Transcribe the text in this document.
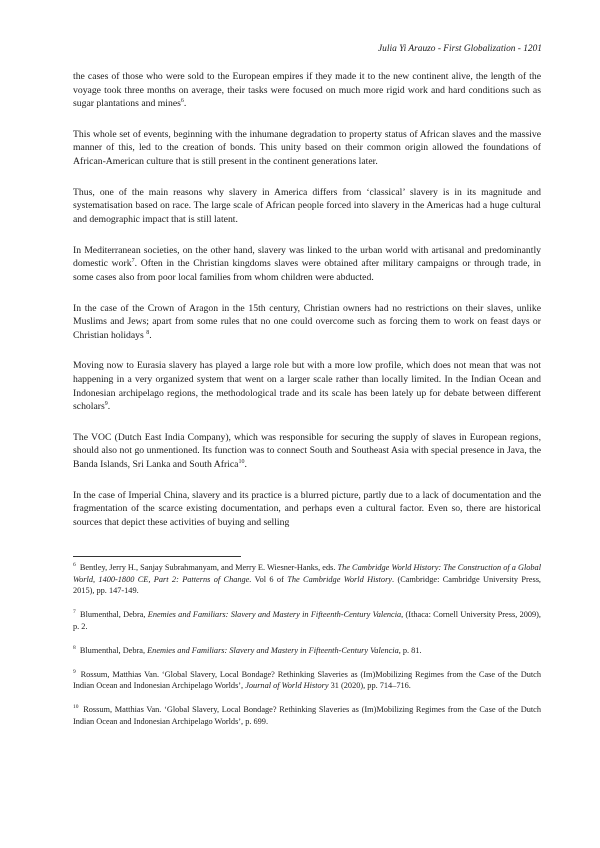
Julia Yi Arauzo - First Globalization - 1201

the cases of those who were sold to the European empires if they made it to the new continent alive, the length of the voyage took three months on average, their tasks were focused on much more rigid work and hard conditions such as sugar plantations and mines$^6$.

This whole set of events, beginning with the inhumane degradation to property status of African slaves and the massive manner of this, led to the creation of bonds. This unity based on their common origin allowed the foundations of African-American culture that is still present in the continent generations later.

Thus, one of the main reasons why slavery in America differs from ‘classical’ slavery is in its magnitude and systematisation based on race. The large scale of African people forced into slavery in the Americas had a huge cultural and demographic impact that is still latent.

In Mediterranean societies, on the other hand, slavery was linked to the urban world with artisanal and predominantly domestic work$^7$. Often in the Christian kingdoms slaves were obtained after military campaigns or through trade, in some cases also from poor local families from whom children were abducted.

In the case of the Crown of Aragon in the 15th century, Christian owners had no restrictions on their slaves, unlike Muslims and Jews; apart from some rules that no one could overcome such as forcing them to work on feast days or Christian holidays $^8$.

Moving now to Eurasia slavery has played a large role but with a more low profile, which does not mean that was not happening in a very organized system that went on a larger scale rather than locally limited. In the Indian Ocean and Indonesian archipelago regions, the methodological trade and its scale has been lately up for debate between different scholars$^9$.

The VOC (Dutch East India Company), which was responsible for securing the supply of slaves in European regions, should also not go unmentioned. Its function was to connect South and Southeast Asia with special presence in Java, the Banda Islands, Sri Lanka and South Africa$^{10}$.

In the case of Imperial China, slavery and its practice is a blurred picture, partly due to a lack of documentation and the fragmentation of the scarce existing documentation, and perhaps even a cultural factor. Even so, there are historical sources that depict these activities of buying and selling

$^6$ Bentley, Jerry H., Sanjay Subrahmanyam, and Merry E. Wiesner-Hanks, eds. The Cambridge World History: The Construction of a Global World, 1400-1800 CE, Part 2: Patterns of Change. Vol 6 of The Cambridge World History. (Cambridge: Cambridge University Press, 2015), pp. 147-149.

$^7$ Blumenthal, Debra, Enemies and Familiars: Slavery and Mastery in Fifteenth-Century Valencia, (Ithaca: Cornell University Press, 2009), p. 2.

$^8$ Blumenthal, Debra, Enemies and Familiars: Slavery and Mastery in Fifteenth-Century Valencia, p. 81.

$^9$ Rossum, Matthias Van. ‘Global Slavery, Local Bondage? Rethinking Slaveries as (Im)Mobilizing Regimes from the Case of the Dutch Indian Ocean and Indonesian Archipelago Worlds’, Journal of World History 31 (2020), pp. 714–716.

$^{10}$ Rossum, Matthias Van. ‘Global Slavery, Local Bondage? Rethinking Slaveries as (Im)Mobilizing Regimes from the Case of the Dutch Indian Ocean and Indonesian Archipelago Worlds’, p. 699.
